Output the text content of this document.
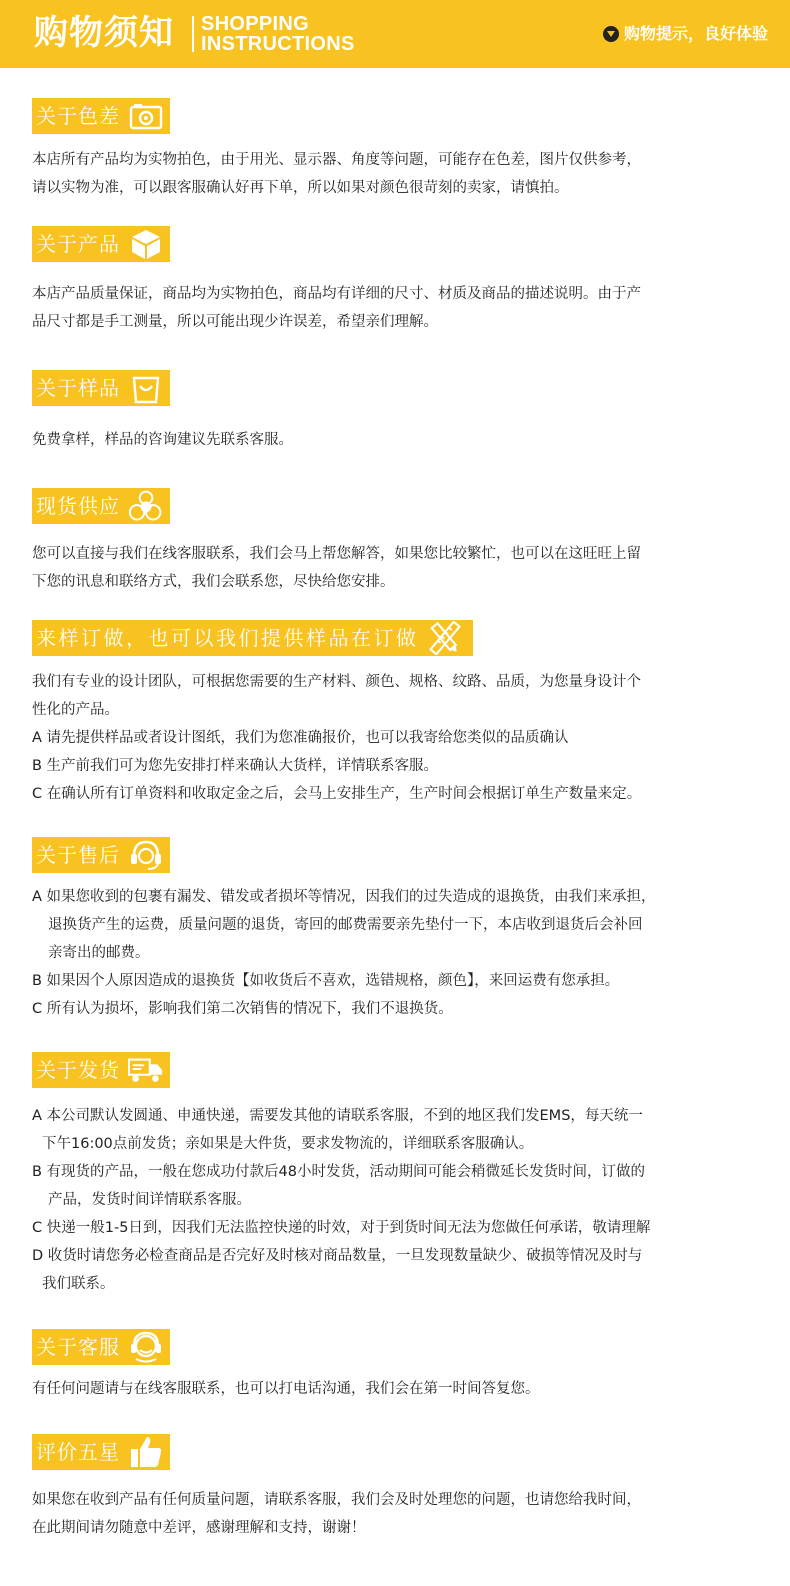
购物须知 SHOPPING
INSTRUCTIONS	购物提示，良好体验
关于色差

本店所有产品均为实物拍色，由于用光、显示器、角度等问题，可能存在色差，图片仅供参考，

请以实物为准，可以跟客服确认好再下单，所以如果对颜色很苛刻的卖家，请慎拍。

关于产品

本店产品质量保证，商品均为实物拍色，商品均有详细的尺寸、材质及商品的描述说明。由于产

品尺寸都是手工测量，所以可能出现少许误差，希望亲们理解。

关于样品

免费拿样，样品的咨询建议先联系客服。

现货供应

您可以直接与我们在线客服联系，我们会马上帮您解答，如果您比较繁忙，也可以在这旺旺上留

下您的讯息和联络方式，我们会联系您，尽快给您安排。

来样订做，也可以我们提供样品在订做

我们有专业的设计团队，可根据您需要的生产材料、颜色、规格、纹路、品质，为您量身设计个

性化的产品。

A 请先提供样品或者设计图纸，我们为您准确报价，也可以我寄给您类似的品质确认

B 生产前我们可为您先安排打样来确认大货样，详情联系客服。

C 在确认所有订单资料和收取定金之后，会马上安排生产，生产时间会根据订单生产数量来定。

关于售后

A 如果您收到的包裹有漏发、错发或者损坏等情况，因我们的过失造成的退换货，由我们来承担，

退换货产生的运费，质量问题的退货，寄回的邮费需要亲先垫付一下，本店收到退货后会补回

亲寄出的邮费。

B 如果因个人原因造成的退换货【如收货后不喜欢，选错规格，颜色】，来回运费有您承担。

C 所有认为损坏，影响我们第二次销售的情况下，我们不退换货。

关于发货

A 本公司默认发圆通、申通快递，需要发其他的请联系客服，不到的地区我们发EMS，每天统一

下午16:00点前发货；亲如果是大件货，要求发物流的，详细联系客服确认。

B 有现货的产品，一般在您成功付款后48小时发货，活动期间可能会稍微延长发货时间，订做的

产品，发货时间详情联系客服。

C 快递一般1-5日到，因我们无法监控快递的时效，对于到货时间无法为您做任何承诺，敬请理解

D 收货时请您务必检查商品是否完好及时核对商品数量，一旦发现数量缺少、破损等情况及时与

我们联系。

关于客服

有任何问题请与在线客服联系，也可以打电话沟通，我们会在第一时间答复您。

评价五星

如果您在收到产品有任何质量问题，请联系客服，我们会及时处理您的问题，也请您给我时间，

在此期间请勿随意中差评，感谢理解和支持，谢谢！
